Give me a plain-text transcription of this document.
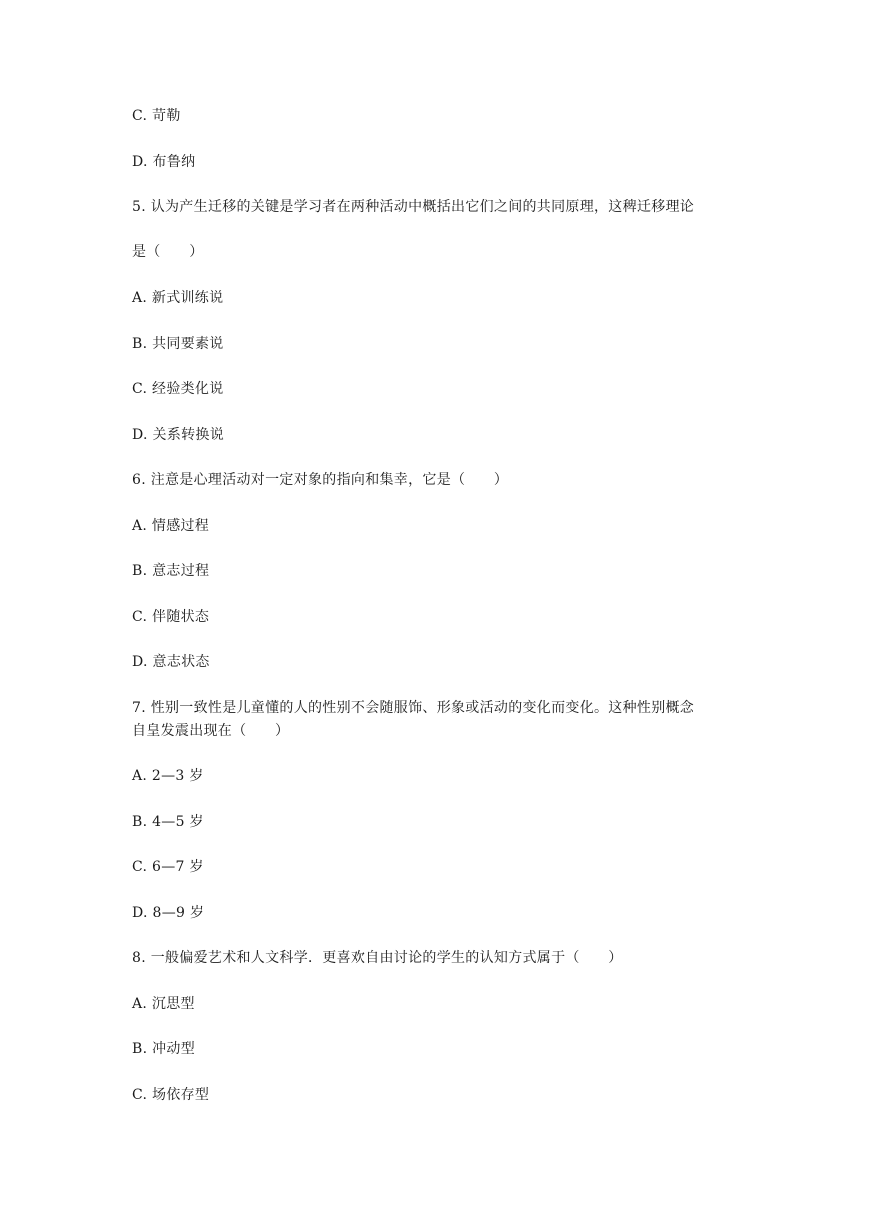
C. 苛勒
D. 布鲁纳
5. 认为产生迁移的关键是学习者在两种活动中概括出它们之间的共同原理，这稗迁移理论
是（　　）
A. 新式训练说
B. 共同要素说
C. 经验类化说
D. 关系转换说
6. 注意是心理活动对一定对象的指向和集幸，它是（　　）
A. 情感过程
B. 意志过程
C. 伴随状态
D. 意志状态
7. 性别一致性是儿童懂的人的性别不会随服饰、形象或活动的变化而变化。这种性别概念
自皇发震出现在（　　）
A. 2—3 岁
B. 4—5 岁
C. 6—7 岁
D. 8—9 岁
8. 一般偏爱艺术和人文科学．更喜欢自由讨论的学生的认知方式属于（　　）
A. 沉思型
B. 冲动型
C. 场依存型
